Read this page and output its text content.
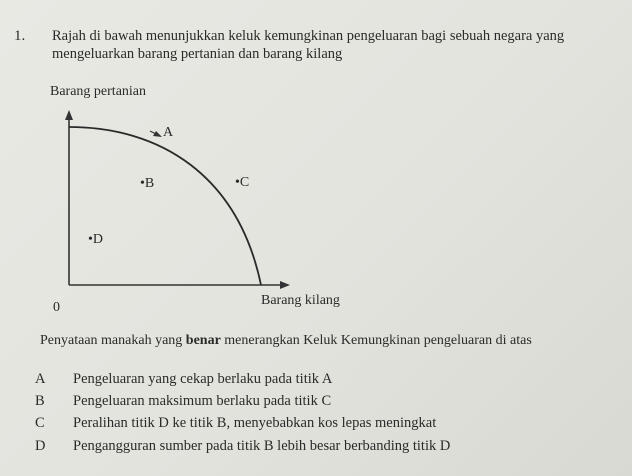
1. Rajah di bawah menunjukkan keluk kemungkinan pengeluaran bagi sebuah negara yang
mengeluarkan barang pertanian dan barang kilang
Barang pertanian
A
•B	•C
•D
0	Barang kilang
Penyataan manakah yang benar menerangkan Keluk Kemungkinan pengeluaran di atas
A Pengeluaran yang cekap berlaku pada titik A
B Pengeluaran maksimum berlaku pada titik C
C Peralihan titik D ke titik B, menyebabkan kos lepas meningkat
D Pengangguran sumber pada titik B lebih besar berbanding titik D
